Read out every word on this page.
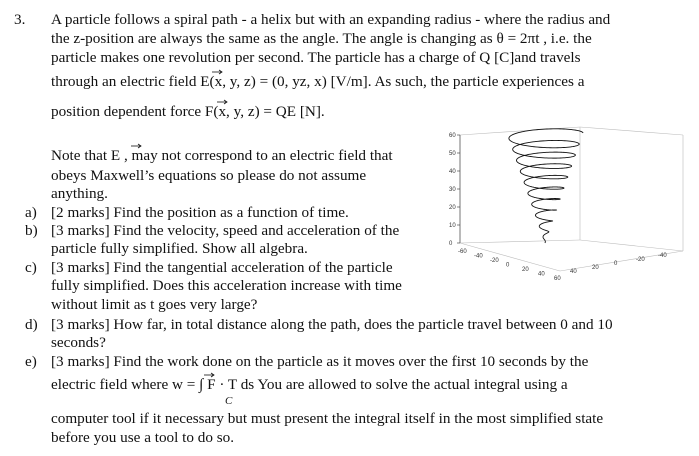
3. A particle follows a spiral path - a helix but with an expanding radius - where the radius and
the z-position are always the same as the angle. The angle is changing as θ = 2πt , i.e. the
particle makes one revolution per second. The particle has a charge of Q [C]and travels
through an electric field E(x, y, z) = (0, yz, x) [V/m]. As such, the particle experiences a
position dependent force F(x, y, z) = QE [N].
Note that E , may not correspond to an electric field that
obeys Maxwell’s equations so please do not assume
anything.
a) [2 marks] Find the position as a function of time.
b) [3 marks] Find the velocity, speed and acceleration of the
particle fully simplified. Show all algebra.
c) [3 marks] Find the tangential acceleration of the particle
fully simplified. Does this acceleration increase with time
without limit as t goes very large?
d) [3 marks] How far, in total distance along the path, does the particle travel between 0 and 10
seconds?
e) [3 marks] Find the work done on the particle as it moves over the first 10 seconds by the
electric field where w = ∫ F · T ds You are allowed to solve the actual integral using a
C
computer tool if it necessary but must present the integral itself in the most simplified state
before you use a tool to do so.
0
10
20
30
40
50
60
-60
-40
-20
0
20
40
60
40
20
0
-20
-40
